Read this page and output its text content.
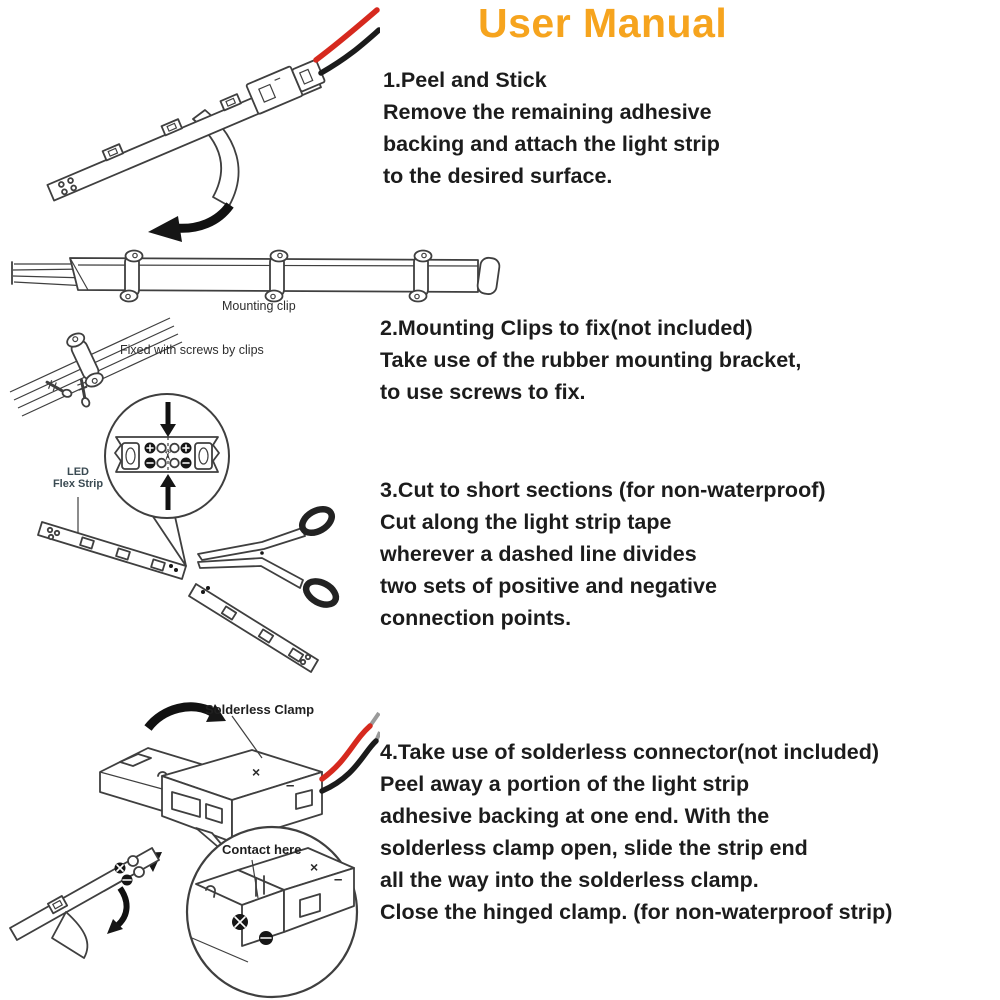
User Manual
1.Peel and Stick
Remove the remaining adhesive
backing and attach the light strip
to the desired surface.
Mounting clip
Fixed with screws by clips
2.Mounting Clips to fix(not included)
Take use of the rubber mounting bracket,
to use screws to fix.
✂
LED
Flex Strip	3.Cut to short sections (for non-waterproof)
Cut along the light strip tape
wherever a dashed line divides
two sets of positive and negative
connection points.
×
–
×
–
Solderless Clamp
Contact here
4.Take use of solderless connector(not included)
Peel away a portion of the light strip
adhesive backing at one end. With the
solderless clamp open, slide the strip end
all the way into the solderless clamp.
Close the hinged clamp. (for non-waterproof strip)
